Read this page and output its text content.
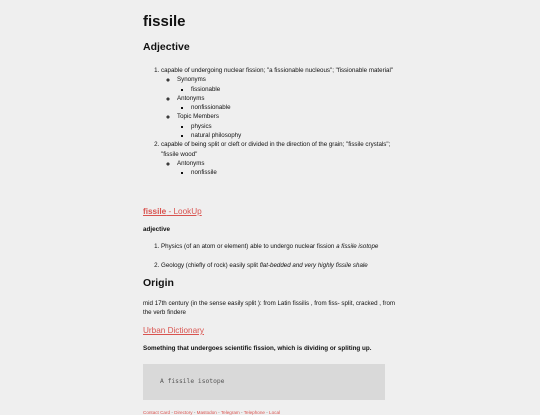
fissile
Adjective
1. capable of undergoing nuclear fission; "a fissionable nucleous"; "fissionable material"
◦ Synonyms
▪ fissionable
◦ Antonyms
▪ nonfissionable
◦ Topic Members
▪ physics
▪ natural philosophy
2. capable of being split or cleft or divided in the direction of the grain; "fissile crystals"; "fissile wood"
◦ Antonyms
▪ nonfissile
fissile - LookUp
adjective
1. Physics (of an atom or element) able to undergo nuclear fission a fissile isotope
2. Geology (chiefly of rock) easily split flat-bedded and very highly fissile shale
Origin
mid 17th century (in the sense easily split ): from Latin fissilis , from fiss- split, cracked , from the verb findere
Urban Dictionary
Something that undergoes scientific fission, which is dividing or spliting up.
A fissile isotope
Contact Card - Directory - Mastodon - Telegram - Telephone - Local
